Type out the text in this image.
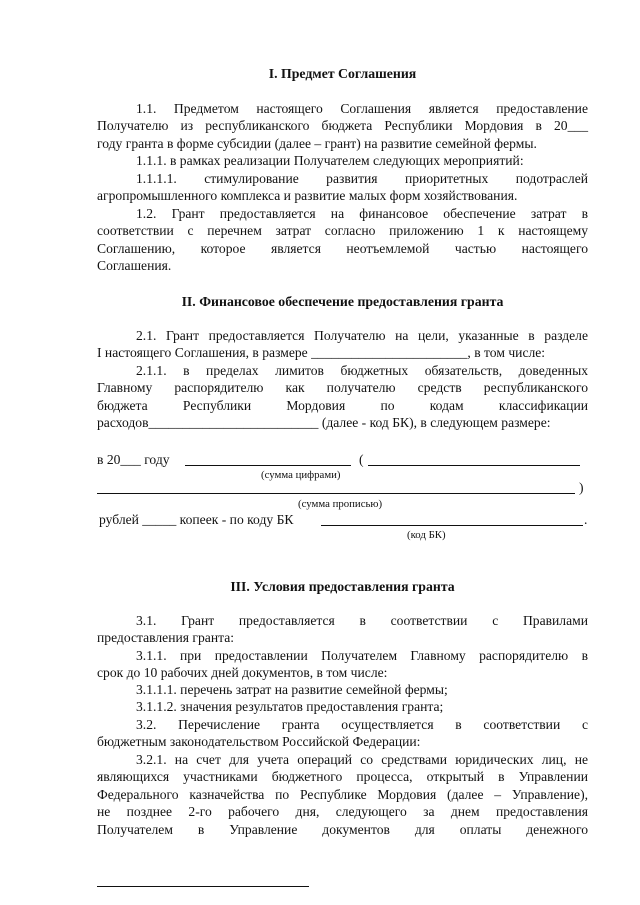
I. Предмет Соглашения
1.1. Предметом настоящего Соглашения является предоставление
Получателю из республиканского бюджета Республики Мордовия в 20___
году гранта в форме субсидии (далее – грант) на развитие семейной фермы.
1.1.1. в рамках реализации Получателем следующих мероприятий:
1.1.1.1. стимулирование развития приоритетных подотраслей
агропромышленного комплекса и развитие малых форм хозяйствования.
1.2. Грант предоставляется на финансовое обеспечение затрат в
соответствии с перечнем затрат согласно приложению 1 к настоящему
Соглашению, которое является неотъемлемой частью настоящего
Соглашения.
II. Финансовое обеспечение предоставления гранта
2.1. Грант предоставляется Получателю на цели, указанные в разделе
I настоящего Соглашения, в размере _______________________, в том числе:
2.1.1. в пределах лимитов бюджетных обязательств, доведенных
Главному распорядителю как получателю средств республиканского
бюджета Республики Мордовия по кодам классификации
расходов_________________________ (далее - код БК), в следующем размере:
в 20___ году	(
(сумма цифрами)
)
(сумма прописью)
рублей _____ копеек - по коду БК	.
(код БК)
III. Условия предоставления гранта
3.1. Грант предоставляется в соответствии с Правилами
предоставления гранта:
3.1.1. при предоставлении Получателем Главному распорядителю в
срок до 10 рабочих дней документов, в том числе:
3.1.1.1. перечень затрат на развитие семейной фермы;
3.1.1.2. значения результатов предоставления гранта;
3.2. Перечисление гранта осуществляется в соответствии с
бюджетным законодательством Российской Федерации:
3.2.1. на счет для учета операций со средствами юридических лиц, не
являющихся участниками бюджетного процесса, открытый в Управлении
Федерального казначейства по Республике Мордовия (далее – Управление),
не позднее 2-го рабочего дня, следующего за днем предоставления
Получателем в Управление документов для оплаты денежного
